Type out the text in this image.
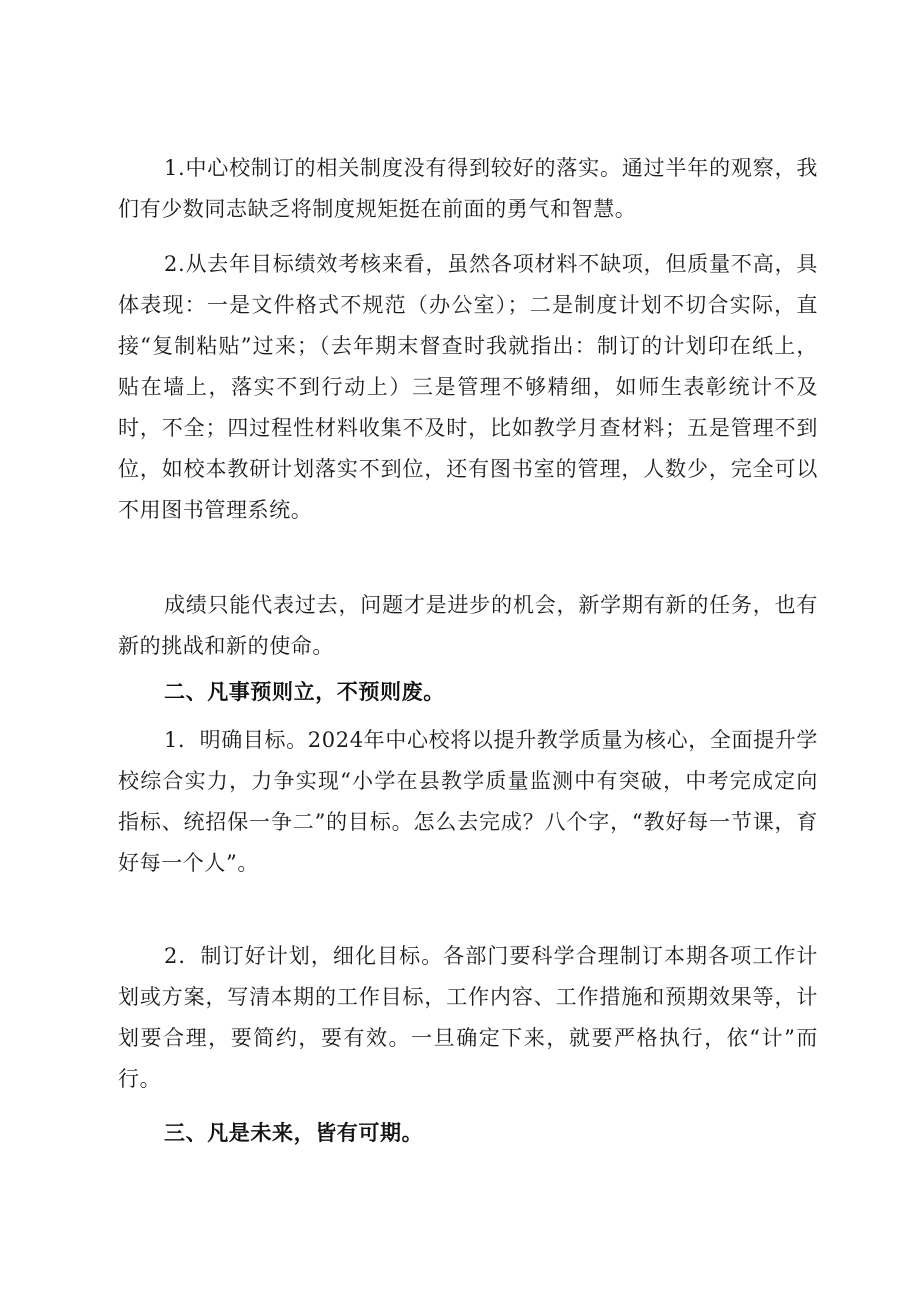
1.中心校制订的相关制度没有得到较好的落实。通过半年的观察，我们有少数同志缺乏将制度规矩挺在前面的勇气和智慧。

2.从去年目标绩效考核来看，虽然各项材料不缺项，但质量不高，具体表现：一是文件格式不规范（办公室）；二是制度计划不切合实际，直接“复制粘贴”过来；（去年期末督查时我就指出：制订的计划印在纸上，贴在墙上，落实不到行动上）三是管理不够精细，如师生表彰统计不及时，不全；四过程性材料收集不及时，比如教学月查材料；五是管理不到位，如校本教研计划落实不到位，还有图书室的管理，人数少，完全可以不用图书管理系统。

成绩只能代表过去，问题才是进步的机会，新学期有新的任务，也有新的挑战和新的使命。

二、凡事预则立，不预则废。

1．明确目标。2024年中心校将以提升教学质量为核心，全面提升学校综合实力，力争实现“小学在县教学质量监测中有突破，中考完成定向指标、统招保一争二”的目标。怎么去完成？八个字，“教好每一节课，育好每一个人”。

2．制订好计划，细化目标。各部门要科学合理制订本期各项工作计划或方案，写清本期的工作目标，工作内容、工作措施和预期效果等，计划要合理，要简约，要有效。一旦确定下来，就要严格执行，依“计”而行。

三、凡是未来，皆有可期。
